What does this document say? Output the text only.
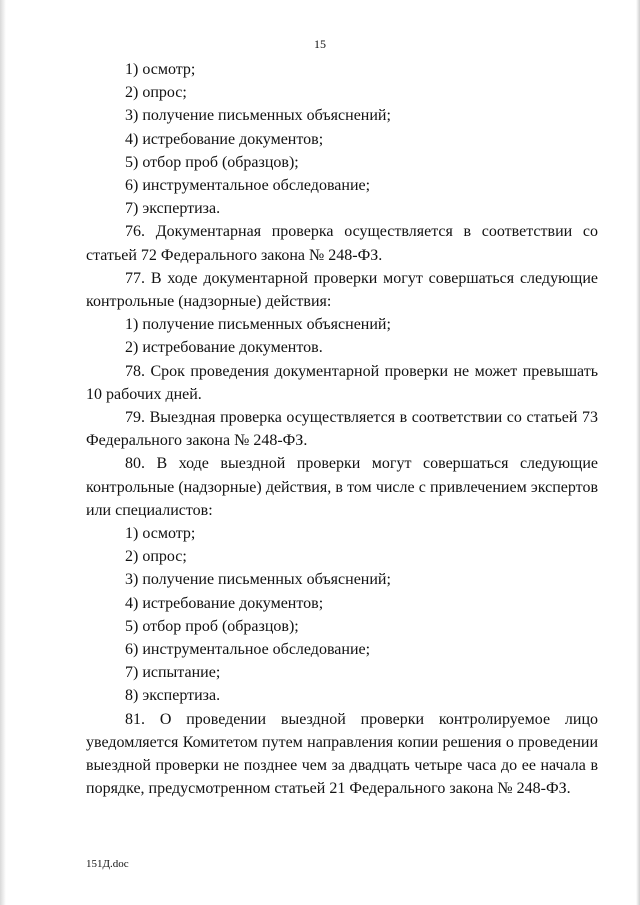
15

1) осмотр;

2) опрос;

3) получение письменных объяснений;

4) истребование документов;

5) отбор проб (образцов);

6) инструментальное обследование;

7) экспертиза.

76. Документарная проверка осуществляется в соответствии со статьей 72 Федерального закона № 248-ФЗ.

77. В ходе документарной проверки могут совершаться следующие контрольные (надзорные) действия:

1) получение письменных объяснений;

2) истребование документов.

78. Срок проведения документарной проверки не может превышать 10 рабочих дней.

79. Выездная проверка осуществляется в соответствии со статьей 73 Федерального закона № 248-ФЗ.

80. В ходе выездной проверки могут совершаться следующие контрольные (надзорные) действия, в том числе с привлечением экспертов или специалистов:

1) осмотр;

2) опрос;

3) получение письменных объяснений;

4) истребование документов;

5) отбор проб (образцов);

6) инструментальное обследование;

7) испытание;

8) экспертиза.

81. О проведении выездной проверки контролируемое лицо уведомляется Комитетом путем направления копии решения о проведении выездной проверки не позднее чем за двадцать четыре часа до ее начала в порядке, предусмотренном статьей 21 Федерального закона № 248-ФЗ.

151Д.doc
